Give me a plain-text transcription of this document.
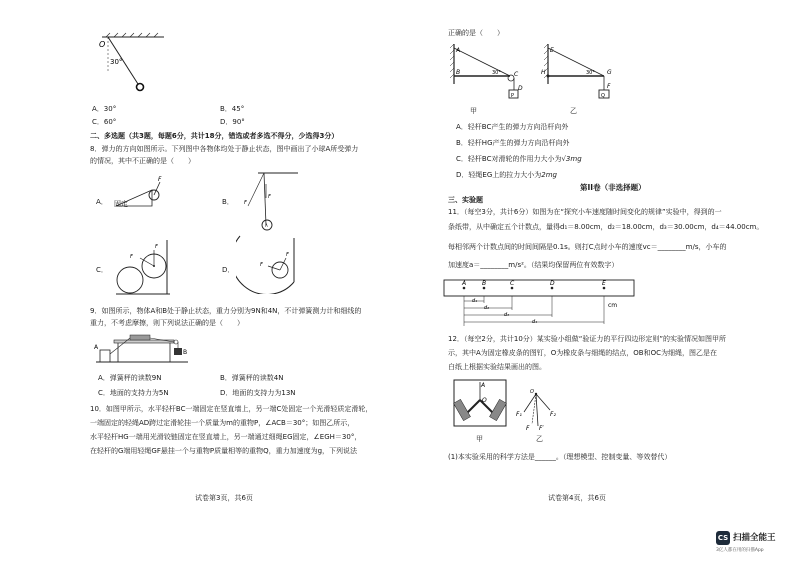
O
30°
A．30°	B．45°
C．60°	D．90°
二、多选题（共3题，每题6分，共计18分，错选或者多选不得分，少选得3分）
8．弹力的方向如图所示。下列图中各物体均处于静止状态，图中画出了小球A所受弹力
的情况，其中不正确的是（　　）
A．
F
固定	B． F
F
A
C．
F
F
D．
F
F
9．如图所示，物体A和B处于静止状态，重力分别为9N和4N，不计弹簧测力计和细线的
重力，不考虑摩擦，则下列说法正确的是（　　）
A
B
A．弹簧秤的读数9N	B．弹簧秤的读数4N
C．地面的支持力为5N	D．地面的支持力为13N
10．如图甲所示，水平轻杆BC一端固定在竖直墙上，另一端C处固定一个光滑轻质定滑轮，
一端固定的轻绳AD跨过定滑轮挂一个质量为m的重物P，∠ACB＝30°；如图乙所示，
水平轻杆HG一端用光滑铰链固定在竖直墙上，另一端通过细绳EG固定，∠EGH＝30°，
在轻杆的G端用轻绳GF悬挂一个与重物P质量相等的重物Q，重力加速度为g，下列说法
试卷第3页，共6页
正确的是（　　）
A
B	C
D
P
30°
甲
E
H	G
F
Q
30°
乙
A．轻杆BC产生的弹力方向沿杆向外
B．轻杆HG产生的弹力方向沿杆向外
C．轻杆BC对滑轮的作用力大小为√3mg
D．轻绳EG上的拉力大小为2mg
第II卷（非选择题）
三、实验题
11．（每空3分，共计6分）如图为在“探究小车速度随时间变化的规律”实验中，得到的一
条纸带，从中确定五个计数点，量得d₁＝8.00cm，d₂＝18.00cm，d₃＝30.00cm，d₄＝44.00cm。
每相邻两个计数点间的时间间隔是0.1s。则打C点时小车的速度vc＝________m/s，小车的
加速度a＝________m/s²。（结果均保留两位有效数字）
A	B	C	D	E
d₁
d₂
d₃
d₄
cm
12．（每空2分，共计10分）某实验小组做“验证力的平行四边形定则”的实验情况如图甲所
示，其中A为固定橡皮条的图钉，O为橡皮条与细绳的结点，OB和OC为细绳，图乙是在
白纸上根据实验结果画出的图。
A
O
甲
O
F₁	F₂
F F′
乙
(1)本实验采用的科学方法是______。（理想模型、控制变量、等效替代）
试卷第4页，共6页
CS 扫描全能王
3亿人都在用的扫描App
